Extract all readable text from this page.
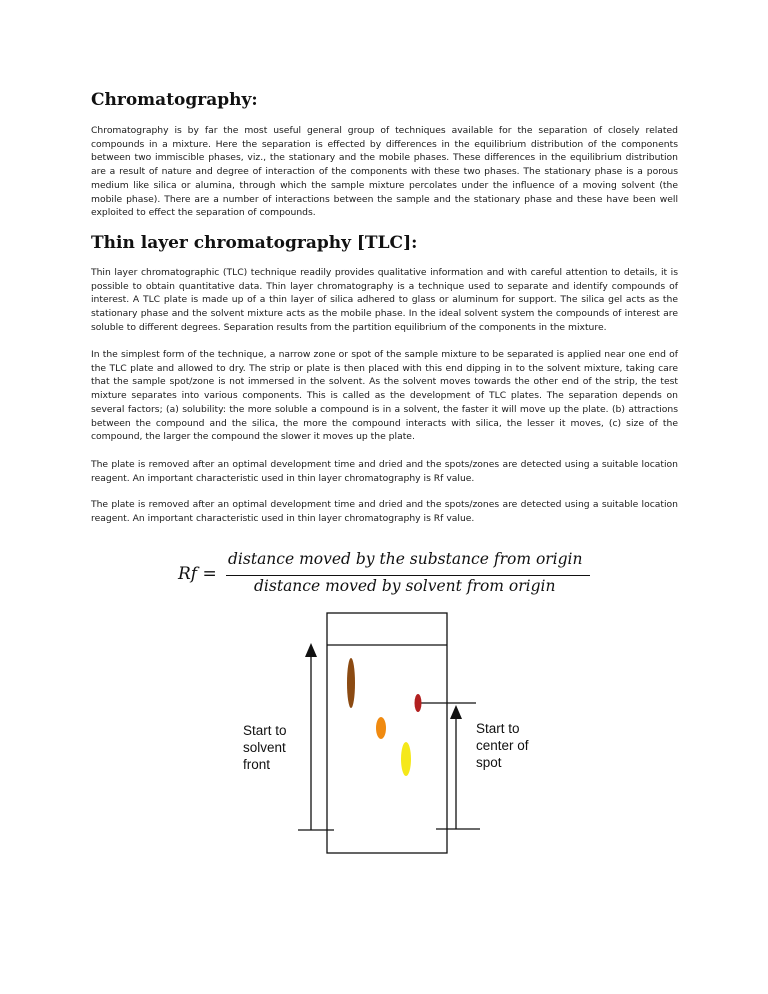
Chromatography:

Chromatography is by far the most useful general group of techniques available for the separation of closely related compounds in a mixture. Here the separation is effected by differences in the equilibrium distribution of the components between two immiscible phases, viz., the stationary and the mobile phases. These differences in the equilibrium distribution are a result of nature and degree of interaction of the components with these two phases. The stationary phase is a porous medium like silica or alumina, through which the sample mixture percolates under the influence of a moving solvent (the mobile phase). There are a number of interactions between the sample and the stationary phase and these have been well exploited to effect the separation of compounds.

Thin layer chromatography [TLC]:

Thin layer chromatographic (TLC) technique readily provides qualitative information and with careful attention to details, it is possible to obtain quantitative data. Thin layer chromatography is a technique used to separate and identify compounds of interest. A TLC plate is made up of a thin layer of silica adhered to glass or aluminum for support. The silica gel acts as the stationary phase and the solvent mixture acts as the mobile phase. In the ideal solvent system the compounds of interest are soluble to different degrees. Separation results from the partition equilibrium of the components in the mixture.

In the simplest form of the technique, a narrow zone or spot of the sample mixture to be separated is applied near one end of the TLC plate and allowed to dry. The strip or plate is then placed with this end dipping in to the solvent mixture, taking care that the sample spot/zone is not immersed in the solvent. As the solvent moves towards the other end of the strip, the test mixture separates into various components. This is called as the development of TLC plates. The separation depends on several factors; (a) solubility: the more soluble a compound is in a solvent, the faster it will move up the plate. (b) attractions between the compound and the silica, the more the compound interacts with silica, the lesser it moves, (c) size of the compound, the larger the compound the slower it moves up the plate.

The plate is removed after an optimal development time and dried and the spots/zones are detected using a suitable location reagent. An important characteristic used in thin layer chromatography is Rf value.

The plate is removed after an optimal development time and dried and the spots/zones are detected using a suitable location reagent. An important characteristic used in thin layer chromatography is Rf value.

Rf =
distance moved by the substance from origin
distance moved by solvent from origin
Start to solvent front
Start to center of spot
